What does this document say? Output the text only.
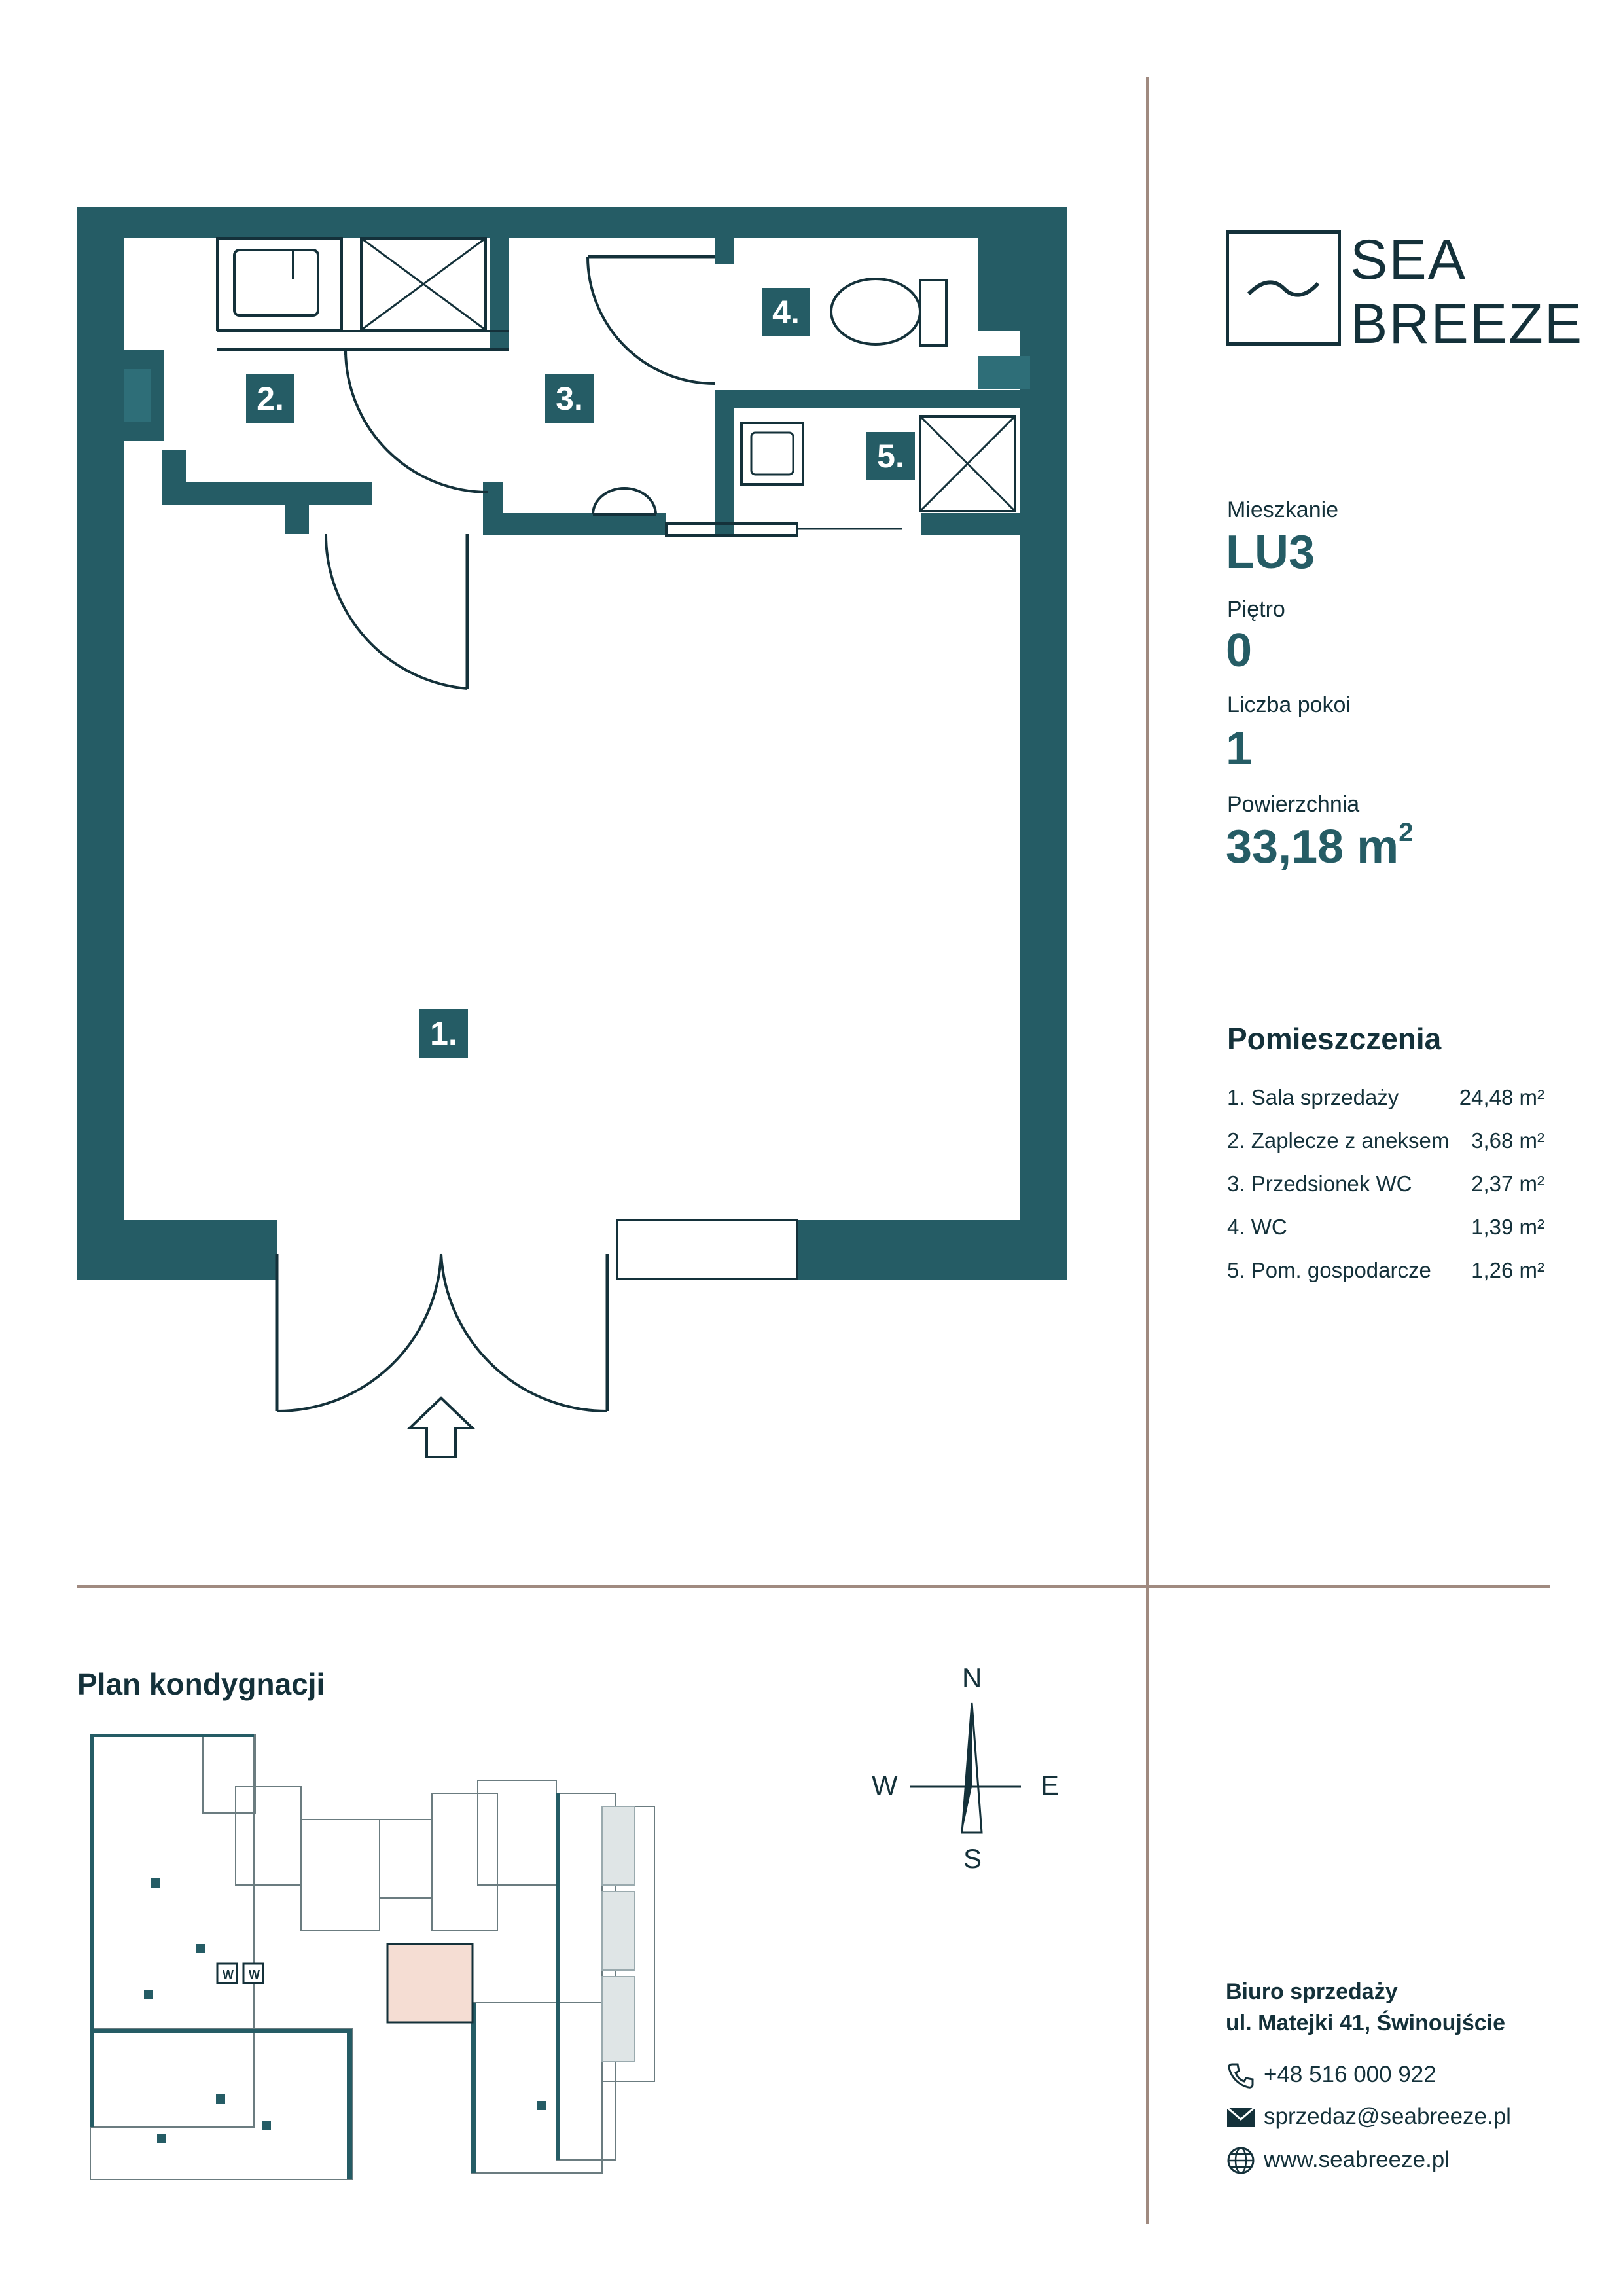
1.
2.	3.
4.
5.
SEA
BREEZE
Mieszkanie
LU3
Piętro
0
Liczba pokoi
1
Powierzchnia
33,18 $m^2$
Pomieszczenia
1. Sala sprzedaży	24,48 m²
2. Zaplecze z aneksem 3,68 m²
3. Przedsionek WC	2,37 m²
4. WC	1,39 m²
5. Pom. gospodarcze 1,26 m²
Plan kondygnacji
W W
N
S
W	E
Biuro sprzedaży
ul. Matejki 41, Świnoujście
+48 516 000 922
sprzedaz@seabreeze.pl
www.seabreeze.pl
